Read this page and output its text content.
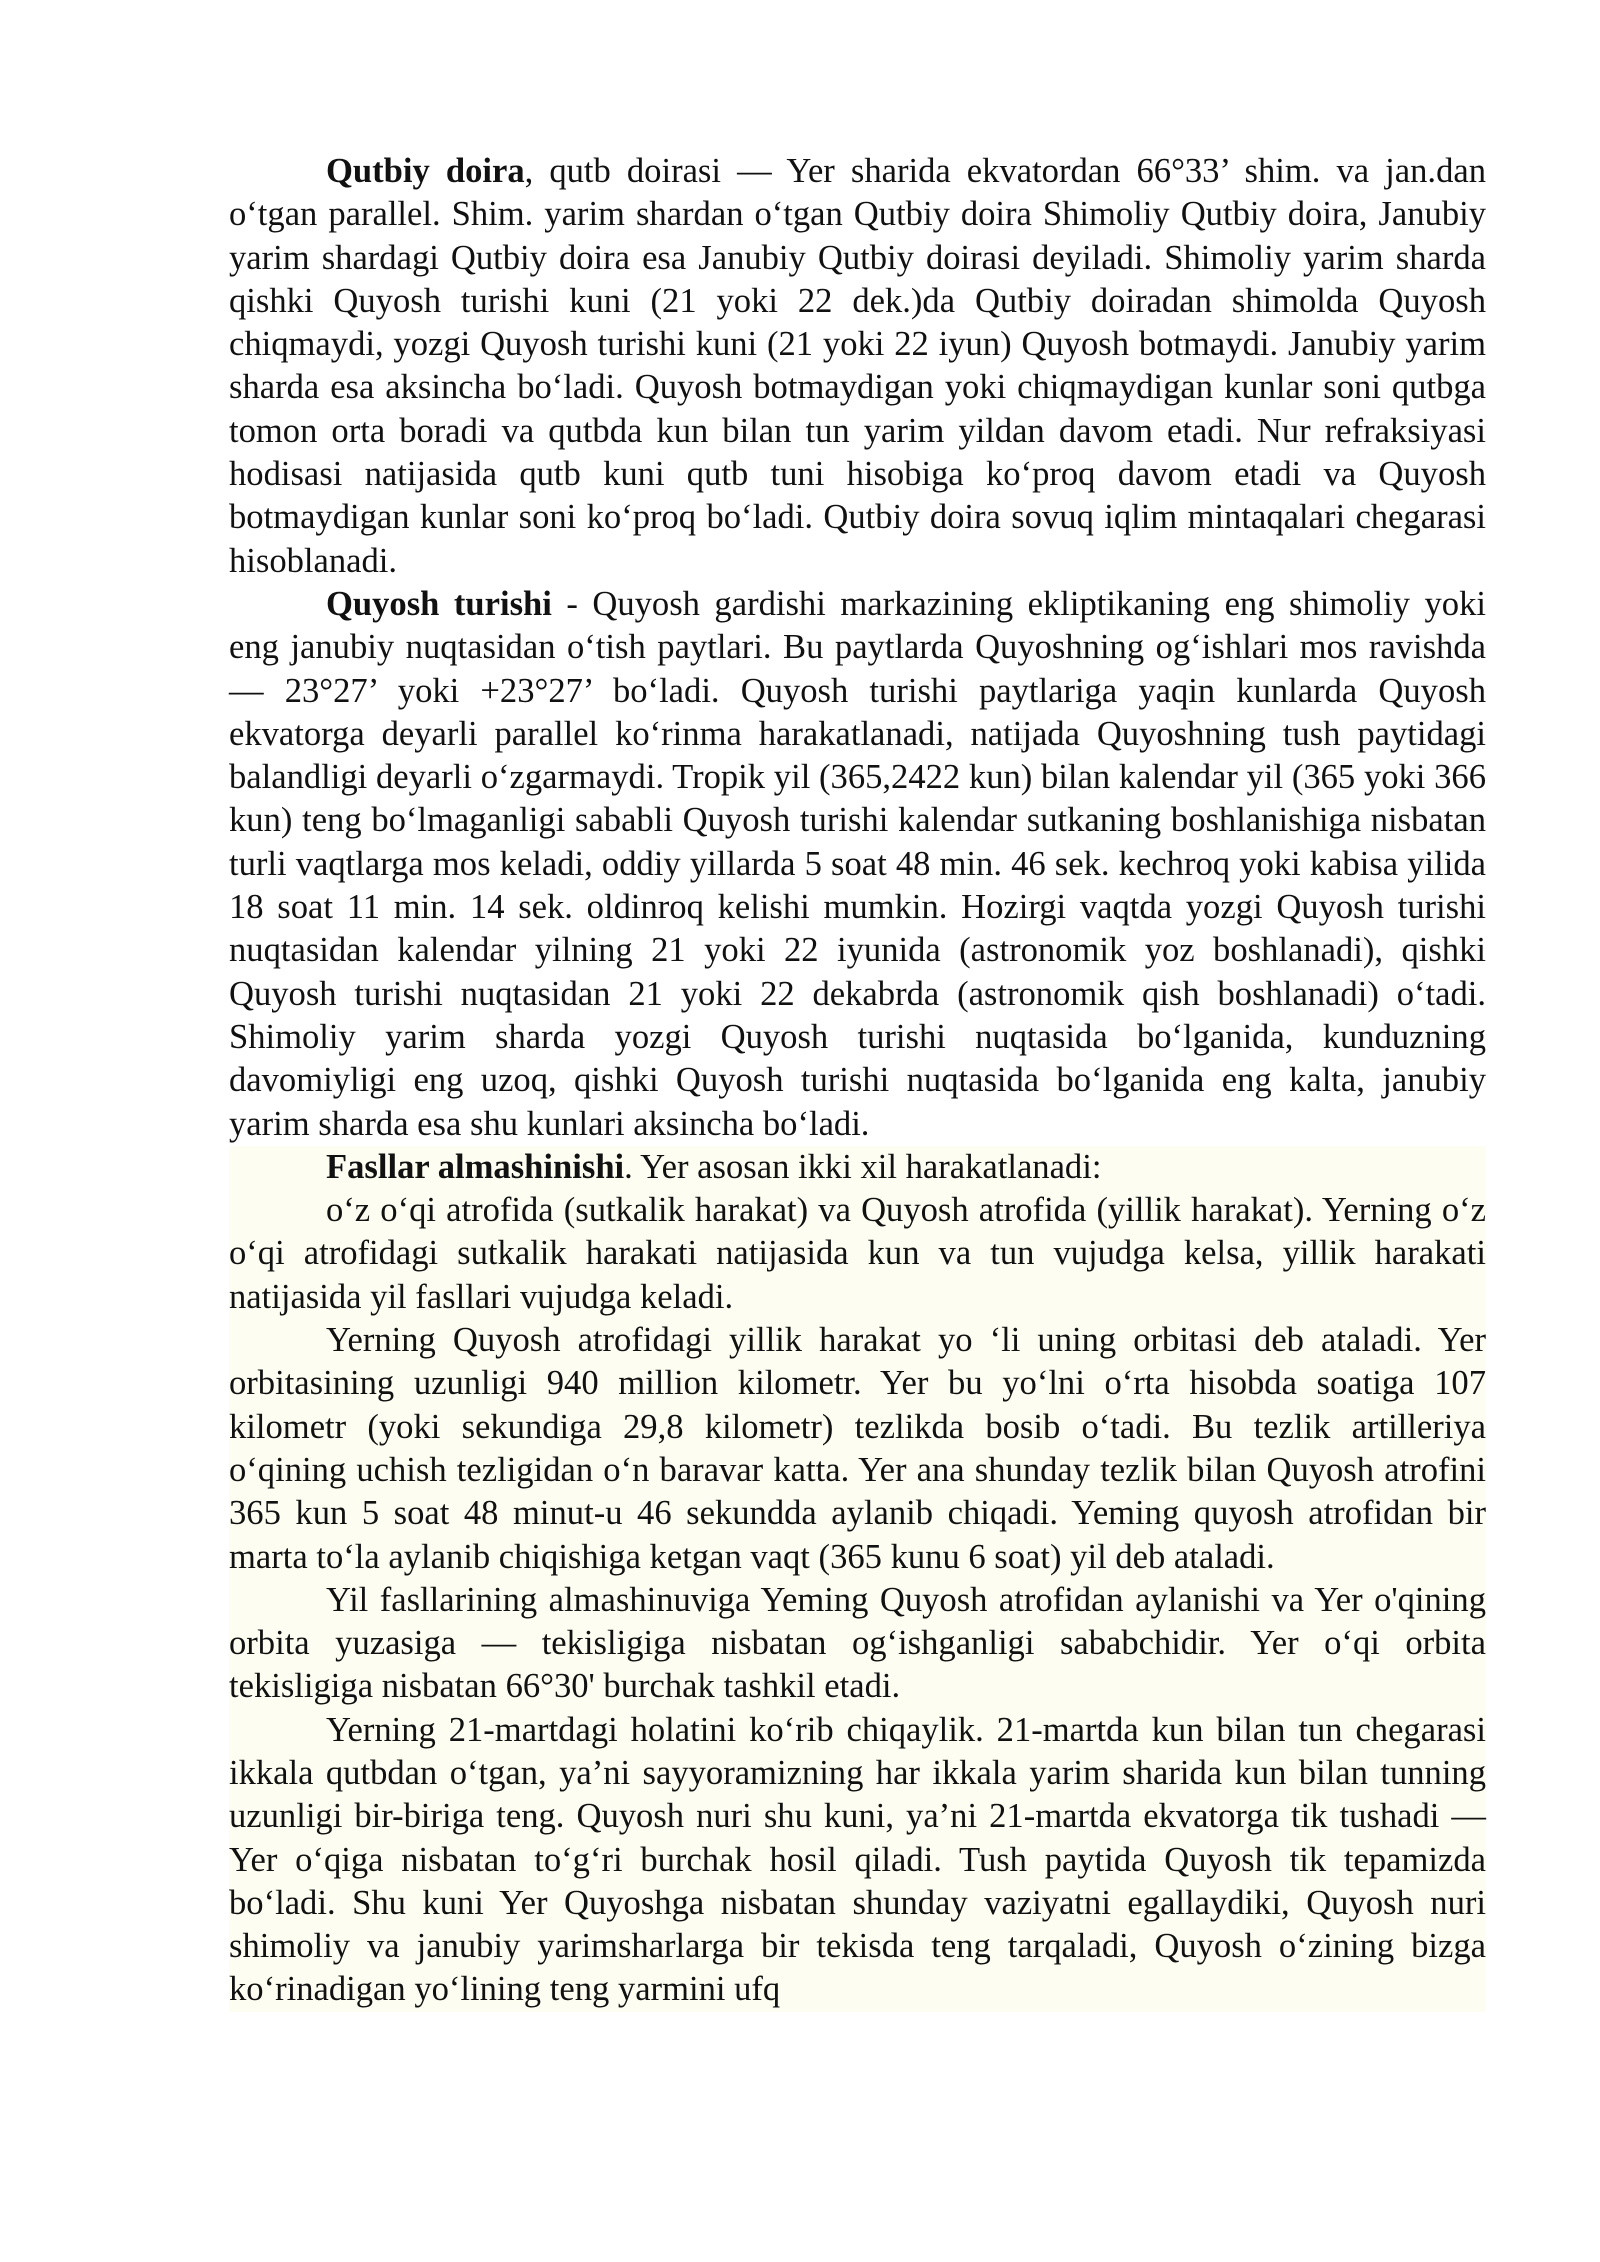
Qutbiy doira, qutb doirasi — Yer sharida ekvatordan 66°33’ shim. va jan.dan o‘tgan parallel. Shim. yarim shardan o‘tgan Qutbiy doira Shimoliy Qutbiy doira, Janubiy yarim shardagi Qutbiy doira esa Janubiy Qutbiy doirasi deyiladi. Shimoliy yarim sharda qishki Quyosh turishi kuni (21 yoki 22 dek.)da Qutbiy doiradan shimolda Quyosh chiqmaydi, yozgi Quyosh turishi kuni (21 yoki 22 iyun) Quyosh botmaydi. Janubiy yarim sharda esa aksincha bo‘ladi. Quyosh botmaydigan yoki chiqmaydigan kunlar soni qutbga tomon orta boradi va qutbda kun bilan tun yarim yildan davom etadi. Nur refraksiyasi hodisasi natijasida qutb kuni qutb tuni hisobiga ko‘proq davom etadi va Quyosh botmaydigan kunlar soni ko‘proq bo‘ladi. Qutbiy doira sovuq iqlim mintaqalari chegarasi hisoblanadi.

Quyosh turishi - Quyosh gardishi markazining ekliptikaning eng shimoliy yoki eng janubiy nuqtasidan o‘tish paytlari. Bu paytlarda Quyoshning og‘ishlari mos ravishda — 23°27’ yoki +23°27’ bo‘ladi. Quyosh turishi paytlariga yaqin kunlarda Quyosh ekvatorga deyarli parallel ko‘rinma harakatlanadi, natijada Quyoshning tush paytidagi balandligi deyarli o‘zgarmaydi. Tropik yil (365,2422 kun) bilan kalendar yil (365 yoki 366 kun) teng bo‘lmaganligi sababli Quyosh turishi kalendar sutkaning boshlanishiga nisbatan turli vaqtlarga mos keladi, oddiy yillarda 5 soat 48 min. 46 sek. kechroq yoki kabisa yilida 18 soat 11 min. 14 sek. oldinroq kelishi mumkin. Hozirgi vaqtda yozgi Quyosh turishi nuqtasidan kalendar yilning 21 yoki 22 iyunida (astronomik yoz boshlanadi), qishki Quyosh turishi nuqtasidan 21 yoki 22 dekabrda (astronomik qish boshlanadi) o‘tadi. Shimoliy yarim sharda yozgi Quyosh turishi nuqtasida bo‘lganida, kunduzning davomiyligi eng uzoq, qishki Quyosh turishi nuqtasida bo‘lganida eng kalta, janubiy yarim sharda esa shu kunlari aksincha bo‘ladi.

Fasllar almashinishi. Yer asosan ikki xil harakatlanadi:

o‘z o‘qi atrofida (sutkalik harakat) va Quyosh atrofida (yillik harakat). Yerning o‘z o‘qi atrofidagi sutkalik harakati natijasida kun va tun vujudga kelsa, yillik harakati natijasida yil fasllari vujudga keladi.

Yerning Quyosh atrofidagi yillik harakat yo ‘li uning orbitasi deb ataladi. Yer orbitasining uzunligi 940 million kilometr. Yer bu yo‘lni o‘rta hisobda soatiga 107 kilometr (yoki sekundiga 29,8 kilometr) tezlikda bosib o‘tadi. Bu tezlik artilleriya o‘qining uchish tezligidan o‘n baravar katta. Yer ana shunday tezlik bilan Quyosh atrofini 365 kun 5 soat 48 minut-u 46 sekundda aylanib chiqadi. Yeming quyosh atrofidan bir marta to‘la aylanib chiqishiga ketgan vaqt (365 kunu 6 soat) yil deb ataladi.

Yil fasllarining almashinuviga Yeming Quyosh atrofidan aylanishi va Yer o'qining orbita yuzasiga — tekisligiga nisbatan og‘ishganligi sababchidir. Yer o‘qi orbita tekisligiga nisbatan 66°30' burchak tashkil etadi.

Yerning 21-martdagi holatini ko‘rib chiqaylik. 21-martda kun bilan tun chegarasi ikkala qutbdan o‘tgan, ya’ni sayyoramizning har ikkala yarim sharida kun bilan tunning uzunligi bir-biriga teng. Quyosh nuri shu kuni, ya’ni 21-martda ekvatorga tik tushadi — Yer o‘qiga nisbatan to‘g‘ri burchak hosil qiladi. Tush paytida Quyosh tik tepamizda bo‘ladi. Shu kuni Yer Quyoshga nisbatan shunday vaziyatni egallaydiki, Quyosh nuri shimoliy va janubiy yarimsharlarga bir tekisda teng tarqaladi, Quyosh o‘zining bizga ko‘rinadigan yo‘lining teng yarmini ufq
